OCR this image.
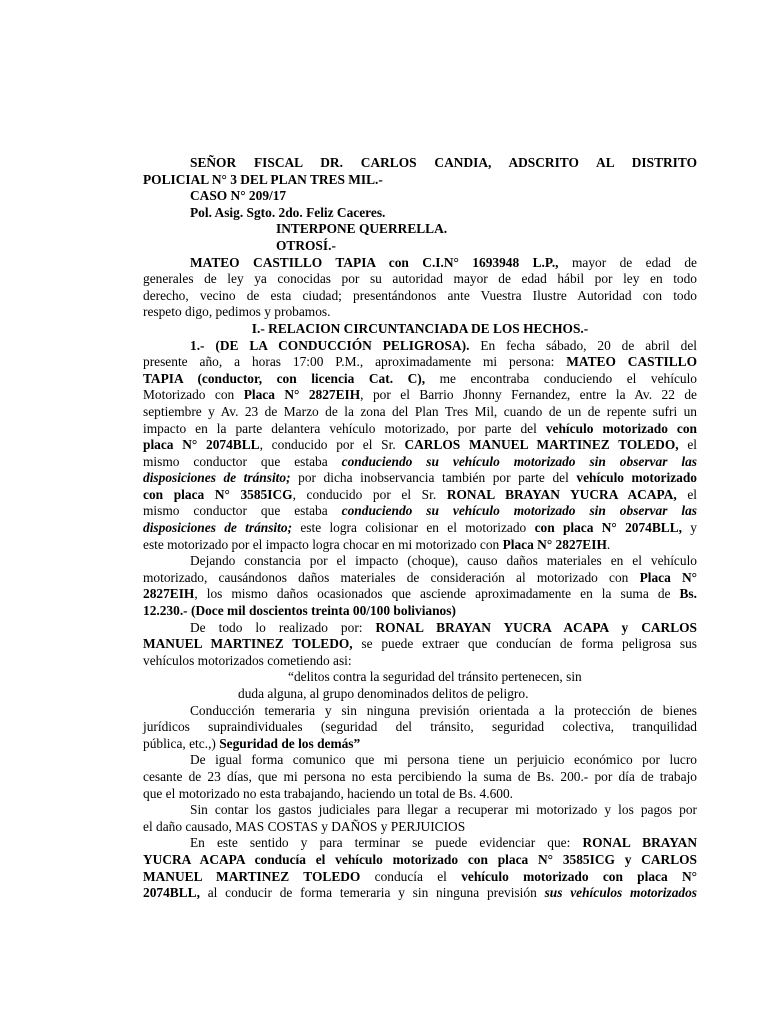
SEÑOR FISCAL DR. CARLOS CANDIA, ADSCRITO AL DISTRITO
POLICIAL N° 3 DEL PLAN TRES MIL.-
CASO N° 209/17
Pol. Asig. Sgto. 2do. Feliz Caceres.
INTERPONE QUERRELLA.
OTROSÍ.-
MATEO CASTILLO TAPIA con C.I.N° 1693948 L.P., mayor de edad de
generales de ley ya conocidas por su autoridad mayor de edad hábil por ley en todo
derecho, vecino de esta ciudad; presentándonos ante Vuestra Ilustre Autoridad con todo
respeto digo, pedimos y probamos.
I.- RELACION CIRCUNTANCIADA DE LOS HECHOS.-
1.- (DE LA CONDUCCIÓN PELIGROSA). En fecha sábado, 20 de abril del
presente año, a horas 17:00 P.M., aproximadamente mi persona: MATEO CASTILLO
TAPIA (conductor, con licencia Cat. C), me encontraba conduciendo el vehículo
Motorizado con Placa N° 2827EIH, por el Barrio Jhonny Fernandez, entre la Av. 22 de
septiembre y Av. 23 de Marzo de la zona del Plan Tres Mil, cuando de un de repente sufri un
impacto en la parte delantera vehículo motorizado, por parte del vehículo motorizado con
placa N° 2074BLL, conducido por el Sr. CARLOS MANUEL MARTINEZ TOLEDO, el
mismo conductor que estaba conduciendo su vehículo motorizado sin observar las
disposiciones de tránsito; por dicha inobservancia también por parte del vehículo motorizado
con placa N° 3585ICG, conducido por el Sr. RONAL BRAYAN YUCRA ACAPA, el
mismo conductor que estaba conduciendo su vehículo motorizado sin observar las
disposiciones de tránsito; este logra colisionar en el motorizado con placa N° 2074BLL, y
este motorizado por el impacto logra chocar en mi motorizado con Placa N° 2827EIH.
Dejando constancia por el impacto (choque), causo daños materiales en el vehículo
motorizado, causándonos daños materiales de consideración al motorizado con Placa N°
2827EIH, los mismo daños ocasionados que asciende aproximadamente en la suma de Bs.
12.230.- (Doce mil doscientos treinta 00/100 bolivianos)
De todo lo realizado por: RONAL BRAYAN YUCRA ACAPA y CARLOS
MANUEL MARTINEZ TOLEDO, se puede extraer que conducían de forma peligrosa sus
vehículos motorizados cometiendo asi:
“delitos contra la seguridad del tránsito pertenecen, sin
duda alguna, al grupo denominados delitos de peligro.
Conducción temeraria y sin ninguna previsión orientada a la protección de bienes
jurídicos supraindividuales (seguridad del tránsito, seguridad colectiva, tranquilidad
pública, etc.,) Seguridad de los demás”
De igual forma comunico que mi persona tiene un perjuicio económico por lucro
cesante de 23 días, que mi persona no esta percibiendo la suma de Bs. 200.- por día de trabajo
que el motorizado no esta trabajando, haciendo un total de Bs. 4.600.
Sin contar los gastos judiciales para llegar a recuperar mi motorizado y los pagos por
el daño causado, MAS COSTAS y DAÑOS y PERJUICIOS
En este sentido y para terminar se puede evidenciar que: RONAL BRAYAN
YUCRA ACAPA conducía el vehículo motorizado con placa N° 3585ICG y CARLOS
MANUEL MARTINEZ TOLEDO conducía el vehículo motorizado con placa N°
2074BLL, al conducir de forma temeraria y sin ninguna previsión sus vehículos motorizados
